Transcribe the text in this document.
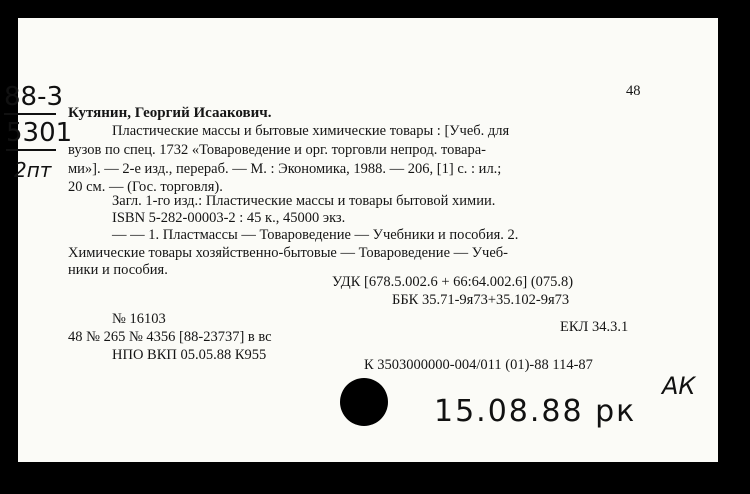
88-3
5301
2пт
48
Кутянин, Георгий Исаакович.
Пластические массы и бытовые химические товары : [Учеб. для
вузов по спец. 1732 «Товароведение и орг. торговли непрод. товара-
ми»]. — 2-е изд., перераб. — М. : Экономика, 1988. — 206, [1] с. : ил.;
20 см. — (Гос. торговля).
Загл. 1-го изд.: Пластические массы и товары бытовой химии.
ISBN 5-282-00003-2 : 45 к., 45000 экз.
— — 1. Пластмассы — Товароведение — Учебники и пособия. 2.
Химические товары хозяйственно-бытовые — Товароведение — Учеб-
ники и пособия.
УДК [678.5.002.6 + 66:64.002.6] (075.8)
ББК 35.71-9я73+35.102-9я73
№ 16103
48 № 265 № 4356 [88-23737] в вс
ЕКЛ 34.3.1
НПО ВКП 05.05.88 К955
К 3503000000-004/011 (01)-88 114-87
АК
15.08.88 рк
